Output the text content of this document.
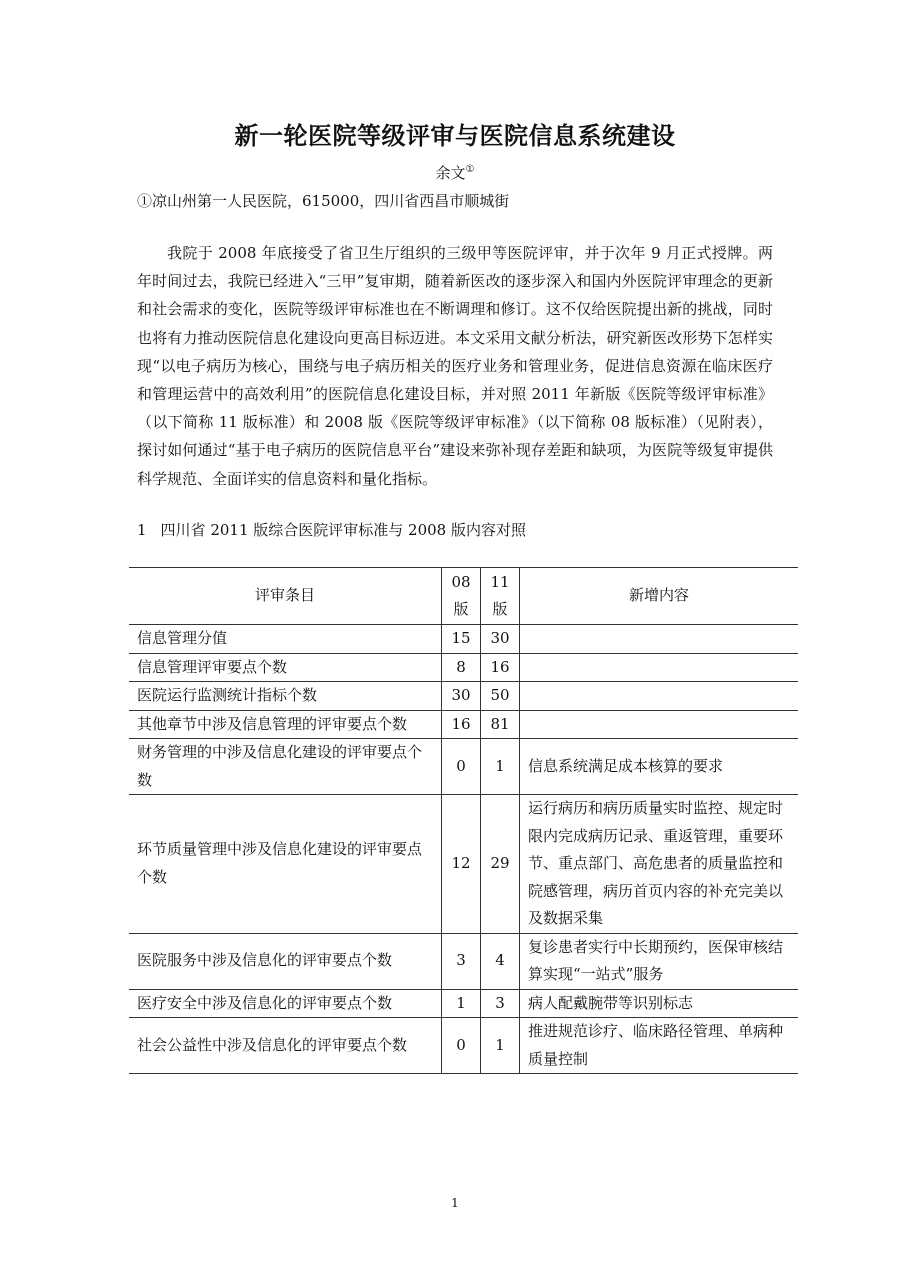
新一轮医院等级评审与医院信息系统建设
余文①
①凉山州第一人民医院，615000，四川省西昌市顺城街

我院于 2008 年底接受了省卫生厅组织的三级甲等医院评审，并于次年 9 月正式授牌。两年时间过去，我院已经进入“三甲”复审期，随着新医改的逐步深入和国内外医院评审理念的更新和社会需求的变化，医院等级评审标准也在不断调理和修订。这不仅给医院提出新的挑战，同时也将有力推动医院信息化建设向更高目标迈进。本文采用文献分析法，研究新医改形势下怎样实现“以电子病历为核心，围绕与电子病历相关的医疗业务和管理业务，促进信息资源在临床医疗和管理运营中的高效利用”的医院信息化建设目标，并对照 2011 年新版《医院等级评审标准》（以下简称 11 版标准）和 2008 版《医院等级评审标准》（以下简称 08 版标准）（见附表），探讨如何通过“基于电子病历的医院信息平台”建设来弥补现存差距和缺项，为医院等级复审提供科学规范、全面详实的信息资料和量化指标。

1 四川省 2011 版综合医院评审标准与 2008 版内容对照
评审条目	08 版	11 版	新增内容
信息管理分值	15	30	
信息管理评审要点个数	8	16	
医院运行监测统计指标个数	30	50	
其他章节中涉及信息管理的评审要点个数	16	81	
财务管理的中涉及信息化建设的评审要点个数	0	1	信息系统满足成本核算的要求
环节质量管理中涉及信息化建设的评审要点个数	12	29	运行病历和病历质量实时监控、规定时限内完成病历记录、重返管理，重要环节、重点部门、高危患者的质量监控和院感管理，病历首页内容的补充完美以及数据采集
医院服务中涉及信息化的评审要点个数	3	4	复诊患者实行中长期预约，医保审核结算实现“一站式”服务
医疗安全中涉及信息化的评审要点个数	1	3	病人配戴腕带等识别标志
社会公益性中涉及信息化的评审要点个数	0	1	推进规范诊疗、临床路径管理、单病种质量控制
1
